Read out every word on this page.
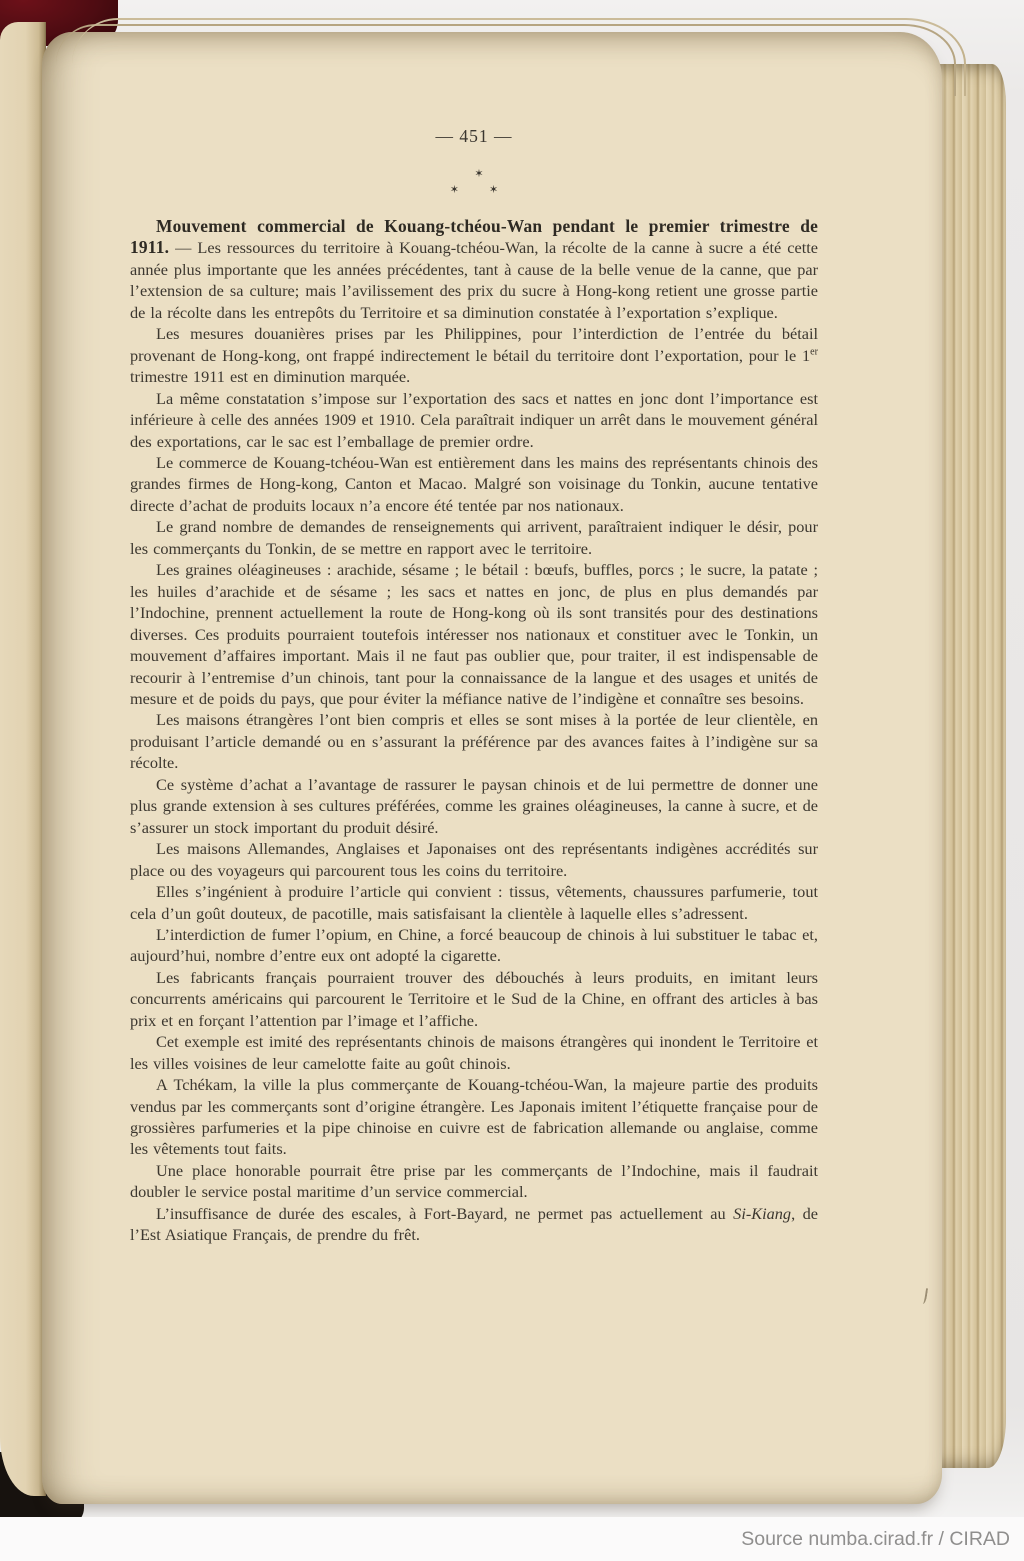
— 451 —
✶
✶✶

Mouvement commercial de Kouang-tchéou-Wan pendant le premier trimestre de 1911. — Les ressources du territoire à Kouang-tchéou-Wan, la récolte de la canne à sucre a été cette année plus importante que les années précédentes, tant à cause de la belle venue de la canne, que par l’extension de sa culture; mais l’avilissement des prix du sucre à Hong-kong retient une grosse partie de la récolte dans les entrepôts du Territoire et sa diminution constatée à l’exportation s’explique.

Les mesures douanières prises par les Philippines, pour l’interdiction de l’entrée du bétail provenant de Hong-kong, ont frappé indirectement le bétail du territoire dont l’exportation, pour le 1er trimestre 1911 est en diminution marquée.

La même constatation s’impose sur l’exportation des sacs et nattes en jonc dont l’importance est inférieure à celle des années 1909 et 1910. Cela paraîtrait indiquer un arrêt dans le mouvement général des exportations, car le sac est l’emballage de premier ordre.

Le commerce de Kouang-tchéou-Wan est entièrement dans les mains des représentants chinois des grandes firmes de Hong-kong, Canton et Macao. Malgré son voisinage du Tonkin, aucune tentative directe d’achat de produits locaux n’a encore été tentée par nos nationaux.

Le grand nombre de demandes de renseignements qui arrivent, paraîtraient indiquer le désir, pour les commerçants du Tonkin, de se mettre en rapport avec le territoire.

Les graines oléagineuses : arachide, sésame ; le bétail : bœufs, buffles, porcs ; le sucre, la patate ; les huiles d’arachide et de sésame ; les sacs et nattes en jonc, de plus en plus demandés par l’Indochine, prennent actuellement la route de Hong-kong où ils sont transités pour des destinations diverses. Ces produits pourraient toutefois intéresser nos nationaux et constituer avec le Tonkin, un mouvement d’affaires important. Mais il ne faut pas oublier que, pour traiter, il est indispensable de recourir à l’entremise d’un chinois, tant pour la connaissance de la langue et des usages et unités de mesure et de poids du pays, que pour éviter la méfiance native de l’indigène et connaître ses besoins.

Les maisons étrangères l’ont bien compris et elles se sont mises à la portée de leur clientèle, en produisant l’article demandé ou en s’assurant la préférence par des avances faites à l’indigène sur sa récolte.

Ce système d’achat a l’avantage de rassurer le paysan chinois et de lui permettre de donner une plus grande extension à ses cultures préférées, comme les graines oléagineuses, la canne à sucre, et de s’assurer un stock important du produit désiré.

Les maisons Allemandes, Anglaises et Japonaises ont des représentants indigènes accrédités sur place ou des voyageurs qui parcourent tous les coins du territoire.

Elles s’ingénient à produire l’article qui convient : tissus, vêtements, chaussures parfumerie, tout cela d’un goût douteux, de pacotille, mais satisfaisant la clientèle à laquelle elles s’adressent.

L’interdiction de fumer l’opium, en Chine, a forcé beaucoup de chinois à lui substituer le tabac et, aujourd’hui, nombre d’entre eux ont adopté la cigarette.

Les fabricants français pourraient trouver des débouchés à leurs produits, en imitant leurs concurrents américains qui parcourent le Territoire et le Sud de la Chine, en offrant des articles à bas prix et en forçant l’attention par l’image et l’affiche.

Cet exemple est imité des représentants chinois de maisons étrangères qui inondent le Territoire et les villes voisines de leur camelotte faite au goût chinois.

A Tchékam, la ville la plus commerçante de Kouang-tchéou-Wan, la majeure partie des produits vendus par les commerçants sont d’origine étrangère. Les Japonais imitent l’étiquette française pour de grossières parfumeries et la pipe chinoise en cuivre est de fabrication allemande ou anglaise, comme les vêtements tout faits.

Une place honorable pourrait être prise par les commerçants de l’Indochine, mais il faudrait doubler le service postal maritime d’un service commercial.

L’insuffisance de durée des escales, à Fort-Bayard, ne permet pas actuellement au Si-Kiang, de l’Est Asiatique Français, de prendre du frêt.

Source numba.cirad.fr / CIRAD
